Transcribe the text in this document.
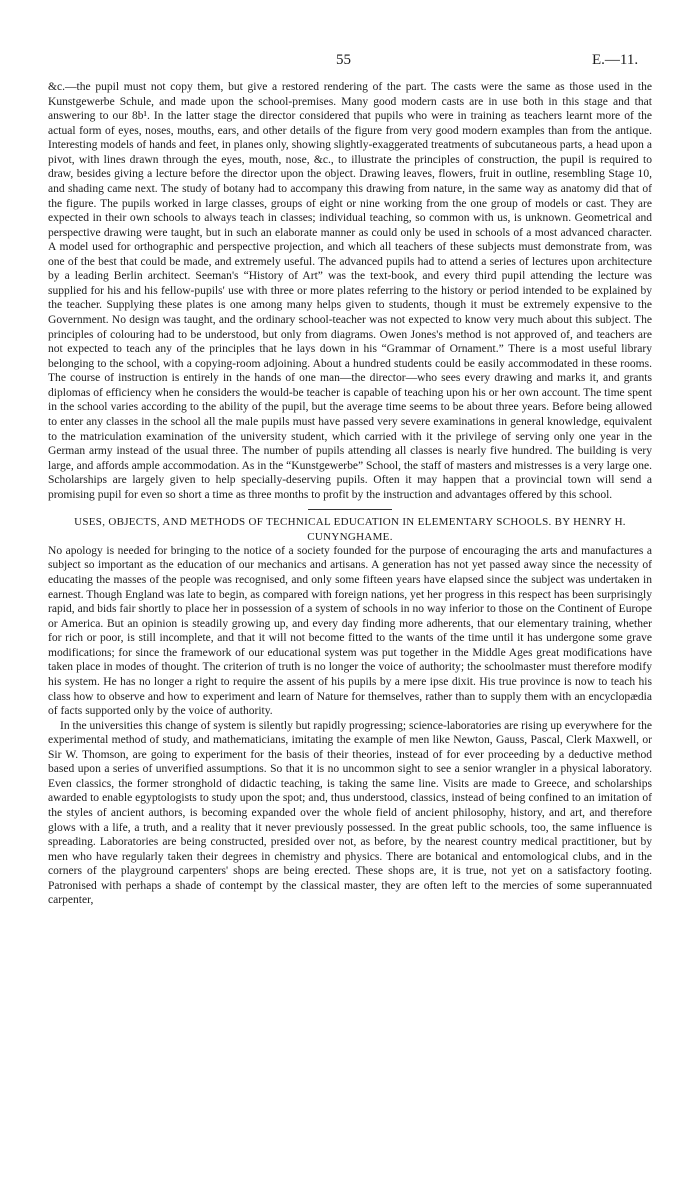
55	E.—11.

&c.—the pupil must not copy them, but give a restored rendering of the part. The casts were the same as those used in the Kunstgewerbe Schule, and made upon the school-premises. Many good modern casts are in use both in this stage and that answering to our 8b¹. In the latter stage the director considered that pupils who were in training as teachers learnt more of the actual form of eyes, noses, mouths, ears, and other details of the figure from very good modern examples than from the antique. Interesting models of hands and feet, in planes only, showing slightly-exaggerated treatments of subcutaneous parts, a head upon a pivot, with lines drawn through the eyes, mouth, nose, &c., to illustrate the principles of construction, the pupil is required to draw, besides giving a lecture before the director upon the object. Drawing leaves, flowers, fruit in outline, resembling Stage 10, and shading came next. The study of botany had to accompany this drawing from nature, in the same way as anatomy did that of the figure. The pupils worked in large classes, groups of eight or nine working from the one group of models or cast. They are expected in their own schools to always teach in classes; individual teaching, so common with us, is unknown. Geometrical and perspective drawing were taught, but in such an elaborate manner as could only be used in schools of a most advanced character. A model used for orthographic and perspective projection, and which all teachers of these subjects must demonstrate from, was one of the best that could be made, and extremely useful. The advanced pupils had to attend a series of lectures upon architecture by a leading Berlin architect. Seeman's “History of Art” was the text-book, and every third pupil attending the lecture was supplied for his and his fellow-pupils' use with three or more plates referring to the history or period intended to be explained by the teacher. Supplying these plates is one among many helps given to students, though it must be extremely expensive to the Government. No design was taught, and the ordinary school-teacher was not expected to know very much about this subject. The principles of colouring had to be understood, but only from diagrams. Owen Jones's method is not approved of, and teachers are not expected to teach any of the principles that he lays down in his “Grammar of Ornament.” There is a most useful library belonging to the school, with a copying-room adjoining. About a hundred students could be easily accommodated in these rooms. The course of instruction is entirely in the hands of one man—the director—who sees every drawing and marks it, and grants diplomas of efficiency when he considers the would-be teacher is capable of teaching upon his or her own account. The time spent in the school varies according to the ability of the pupil, but the average time seems to be about three years. Before being allowed to enter any classes in the school all the male pupils must have passed very severe examinations in general knowledge, equivalent to the matriculation examination of the university student, which carried with it the privilege of serving only one year in the German army instead of the usual three. The number of pupils attending all classes is nearly five hundred. The building is very large, and affords ample accommodation. As in the “Kunstgewerbe” School, the staff of masters and mistresses is a very large one. Scholarships are largely given to help specially-deserving pupils. Often it may happen that a provincial town will send a promising pupil for even so short a time as three months to profit by the instruction and advantages offered by this school.

USES, OBJECTS, AND METHODS OF TECHNICAL EDUCATION IN ELEMENTARY SCHOOLS. BY HENRY H. CUNYNGHAME.

No apology is needed for bringing to the notice of a society founded for the purpose of encouraging the arts and manufactures a subject so important as the education of our mechanics and artisans. A generation has not yet passed away since the necessity of educating the masses of the people was recognised, and only some fifteen years have elapsed since the subject was undertaken in earnest. Though England was late to begin, as compared with foreign nations, yet her progress in this respect has been surprisingly rapid, and bids fair shortly to place her in possession of a system of schools in no way inferior to those on the Continent of Europe or America. But an opinion is steadily growing up, and every day finding more adherents, that our elementary training, whether for rich or poor, is still incomplete, and that it will not become fitted to the wants of the time until it has undergone some grave modifications; for since the framework of our educational system was put together in the Middle Ages great modifications have taken place in modes of thought. The criterion of truth is no longer the voice of authority; the schoolmaster must therefore modify his system. He has no longer a right to require the assent of his pupils by a mere ipse dixit. His true province is now to teach his class how to observe and how to experiment and learn of Nature for themselves, rather than to supply them with an encyclopædia of facts supported only by the voice of authority.

In the universities this change of system is silently but rapidly progressing; science-laboratories are rising up everywhere for the experimental method of study, and mathematicians, imitating the example of men like Newton, Gauss, Pascal, Clerk Maxwell, or Sir W. Thomson, are going to experiment for the basis of their theories, instead of for ever proceeding by a deductive method based upon a series of unverified assumptions. So that it is no uncommon sight to see a senior wrangler in a physical laboratory. Even classics, the former stronghold of didactic teaching, is taking the same line. Visits are made to Greece, and scholarships awarded to enable egyptologists to study upon the spot; and, thus understood, classics, instead of being confined to an imitation of the styles of ancient authors, is becoming expanded over the whole field of ancient philosophy, history, and art, and therefore glows with a life, a truth, and a reality that it never previously possessed. In the great public schools, too, the same influence is spreading. Laboratories are being constructed, presided over not, as before, by the nearest country medical practitioner, but by men who have regularly taken their degrees in chemistry and physics. There are botanical and entomological clubs, and in the corners of the playground carpenters' shops are being erected. These shops are, it is true, not yet on a satisfactory footing. Patronised with perhaps a shade of contempt by the classical master, they are often left to the mercies of some superannuated carpenter,
